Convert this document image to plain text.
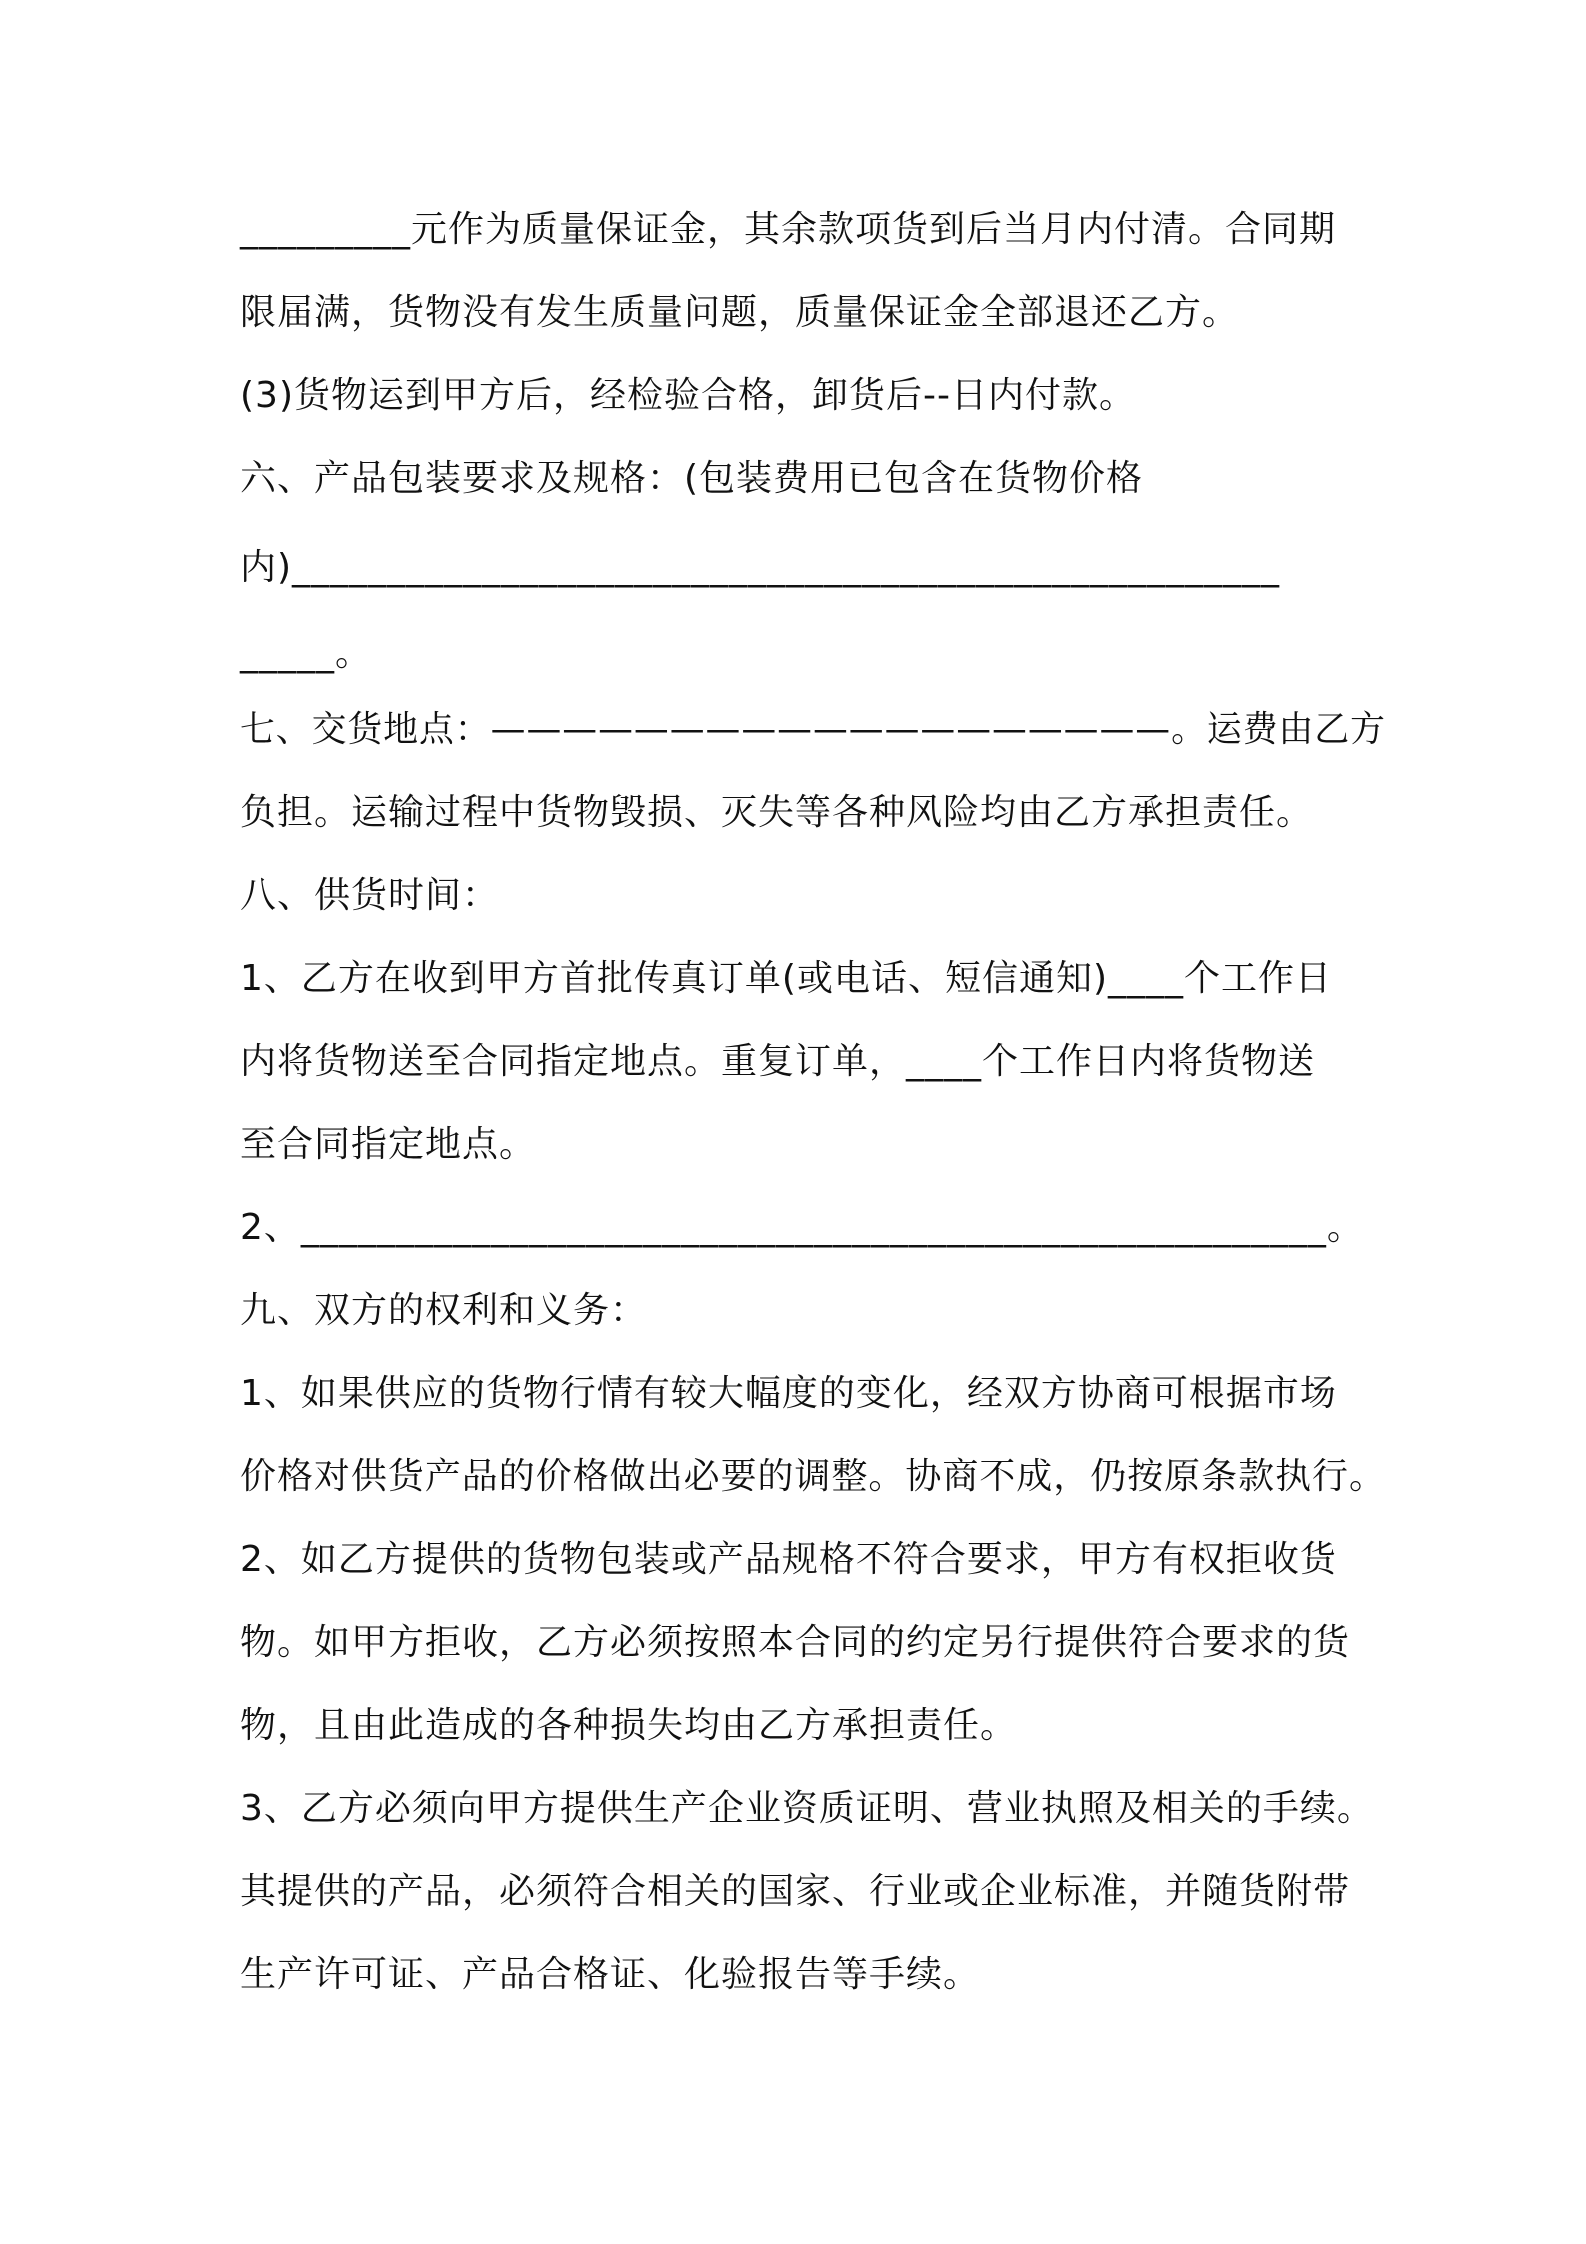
_________元作为质量保证金，其余款项货到后当月内付清。合同期

限届满，货物没有发生质量问题，质量保证金全部退还乙方。

(3)货物运到甲方后，经检验合格，卸货后--日内付款。

六、产品包装要求及规格：(包装费用已包含在货物价格

内)____________________________________________________

_____。

七、交货地点：———————————————————。运费由乙方

负担。运输过程中货物毁损、灭失等各种风险均由乙方承担责任。

八、供货时间：

1、乙方在收到甲方首批传真订单(或电话、短信通知)____个工作日

内将货物送至合同指定地点。重复订单，____个工作日内将货物送

至合同指定地点。

2、______________________________________________________。

九、双方的权利和义务：

1、如果供应的货物行情有较大幅度的变化，经双方协商可根据市场

价格对供货产品的价格做出必要的调整。协商不成，仍按原条款执行。

2、如乙方提供的货物包装或产品规格不符合要求，甲方有权拒收货

物。如甲方拒收，乙方必须按照本合同的约定另行提供符合要求的货

物，且由此造成的各种损失均由乙方承担责任。

3、乙方必须向甲方提供生产企业资质证明、营业执照及相关的手续。

其提供的产品，必须符合相关的国家、行业或企业标准，并随货附带

生产许可证、产品合格证、化验报告等手续。
